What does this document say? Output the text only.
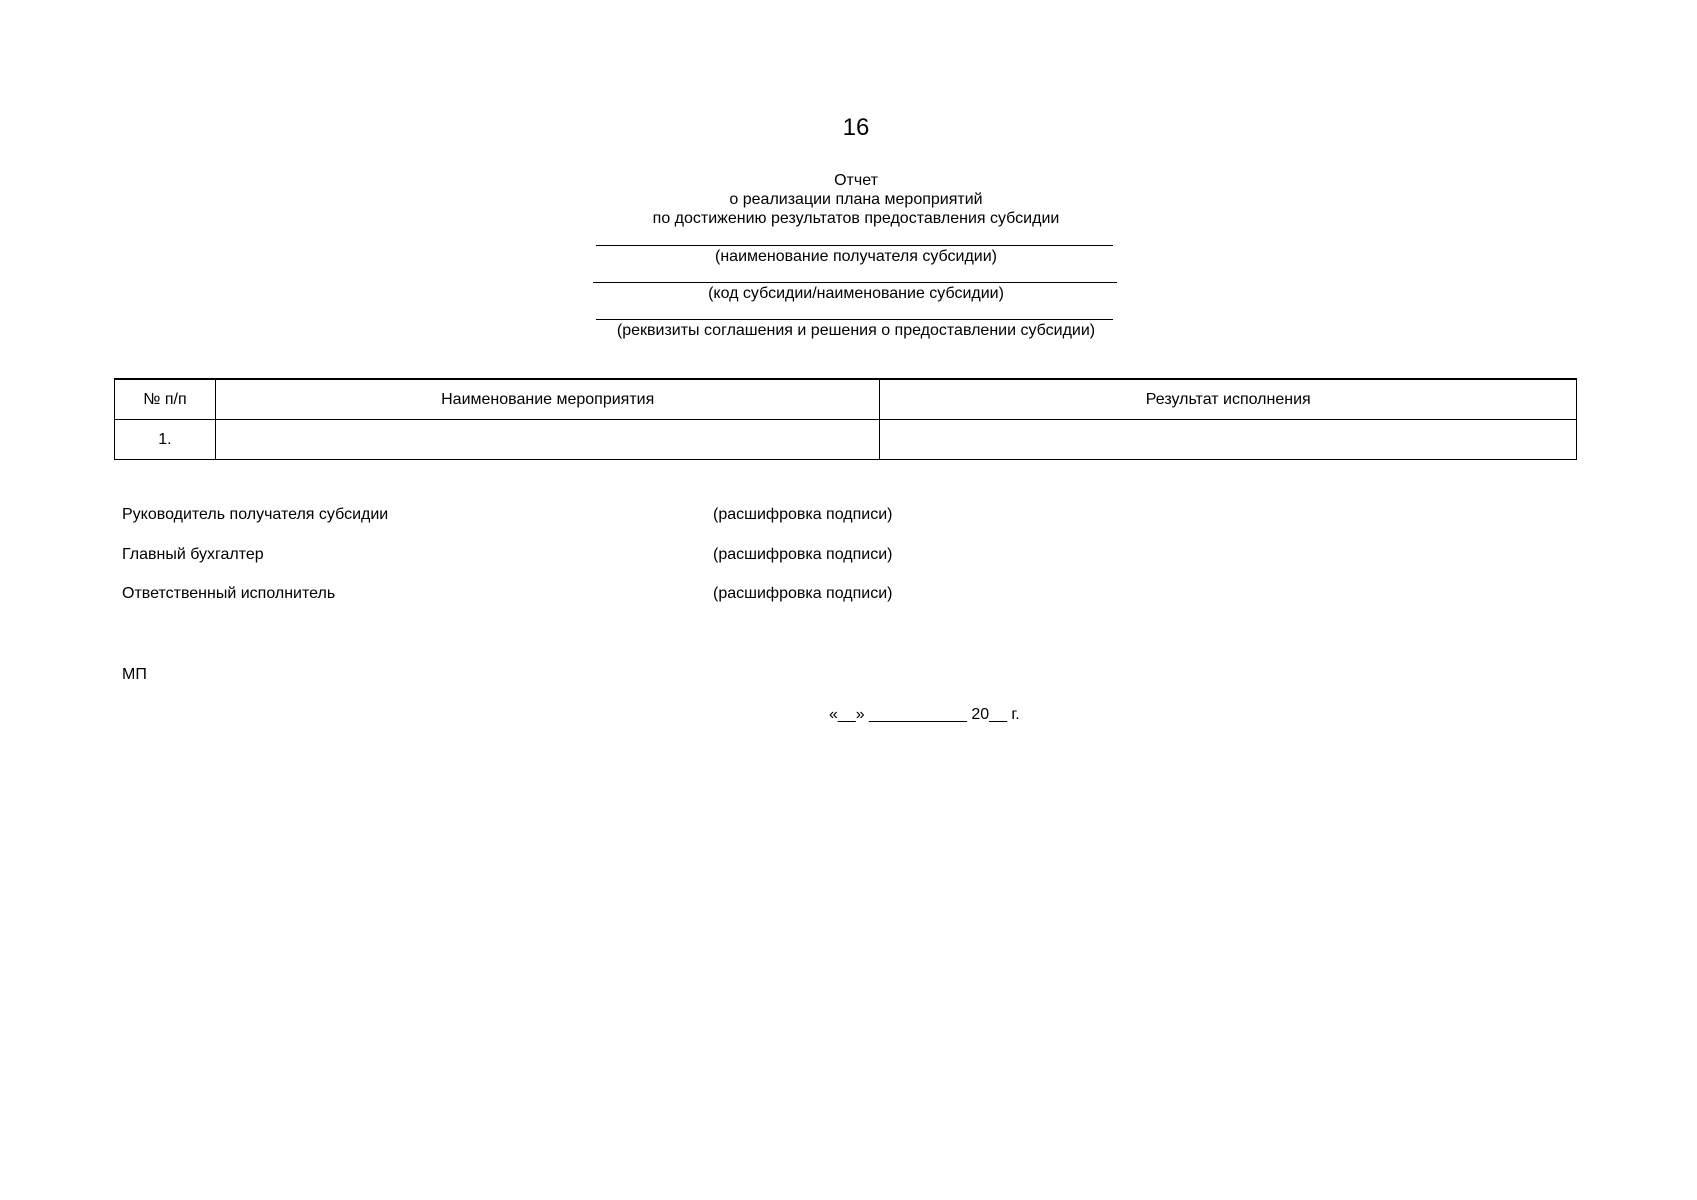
16
Отчет
о реализации плана мероприятий
по достижению результатов предоставления субсидии
(наименование получателя субсидии)
(код субсидии/наименование субсидии)
(реквизиты соглашения и решения о предоставлении субсидии)
№ п/п	Наименование мероприятия	Результат исполнения
1.		
Руководитель получателя субсидии	(расшифровка подписи)
Главный бухгалтер	(расшифровка подписи)
Ответственный исполнитель	(расшифровка подписи)
МП
«__» ___________ 20__ г.
